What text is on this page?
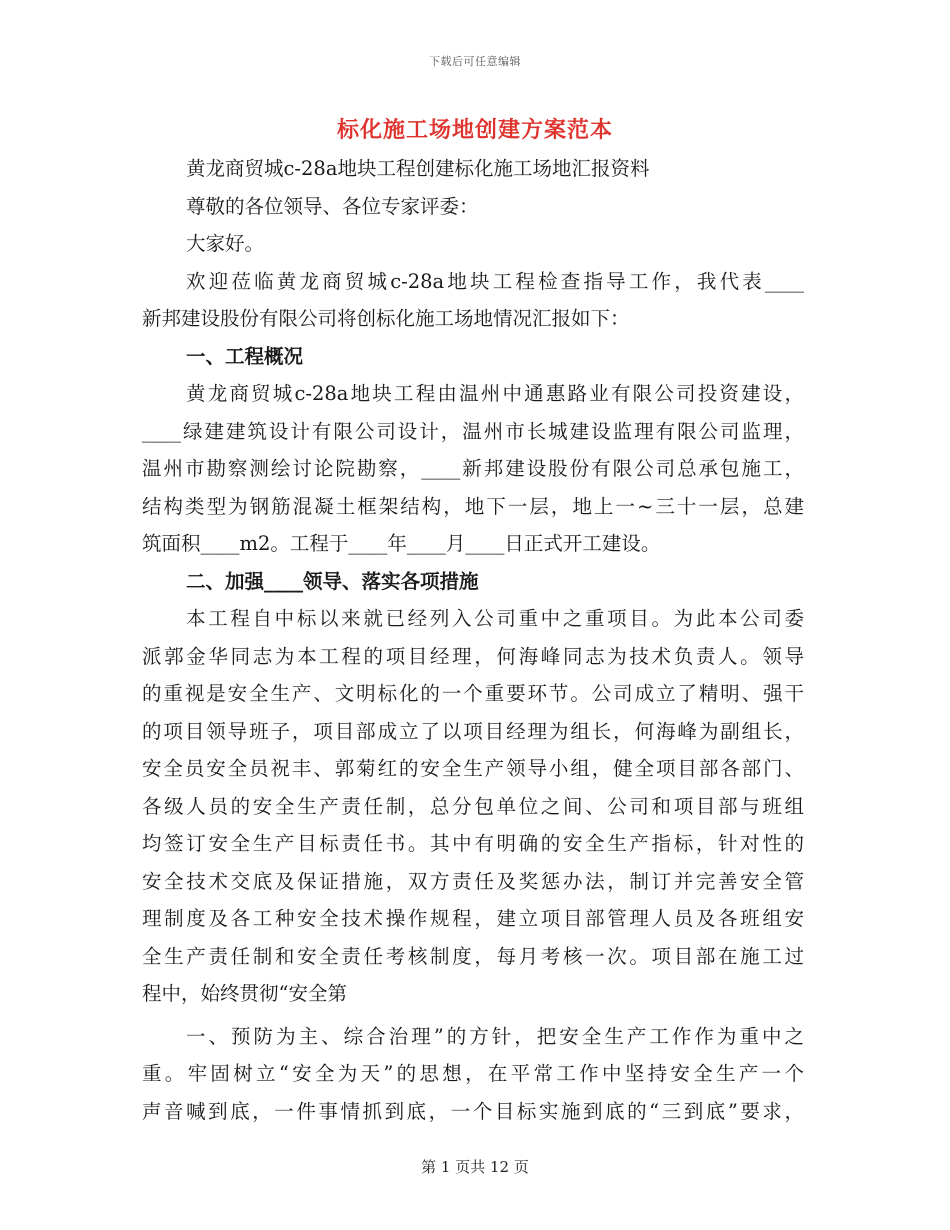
下载后可任意编辑
标化施工场地创建方案范本
黄龙商贸城c-28a地块工程创建标化施工场地汇报资料
尊敬的各位领导、各位专家评委：
大家好。
欢迎莅临黄龙商贸城c-28a地块工程检查指导工作，我代表____
新邦建设股份有限公司将创标化施工场地情况汇报如下：
一、工程概况
黄龙商贸城c-28a地块工程由温州中通惠路业有限公司投资建设，
____绿建建筑设计有限公司设计，温州市长城建设监理有限公司监理，
温州市勘察测绘讨论院勘察，____新邦建设股份有限公司总承包施工，
结构类型为钢筋混凝土框架结构，地下一层，地上一~三十一层，总建
筑面积____m2。工程于____年____月____日正式开工建设。
二、加强____领导、落实各项措施
本工程自中标以来就已经列入公司重中之重项目。为此本公司委
派郭金华同志为本工程的项目经理，何海峰同志为技术负责人。领导
的重视是安全生产、文明标化的一个重要环节。公司成立了精明、强干
的项目领导班子，项目部成立了以项目经理为组长，何海峰为副组长，
安全员安全员祝丰、郭菊红的安全生产领导小组，健全项目部各部门、
各级人员的安全生产责任制，总分包单位之间、公司和项目部与班组
均签订安全生产目标责任书。其中有明确的安全生产指标，针对性的
安全技术交底及保证措施，双方责任及奖惩办法，制订并完善安全管
理制度及各工种安全技术操作规程，建立项目部管理人员及各班组安
全生产责任制和安全责任考核制度，每月考核一次。项目部在施工过
程中，始终贯彻“安全第
一、预防为主、综合治理”的方针，把安全生产工作作为重中之
重。牢固树立“安全为天”的思想，在平常工作中坚持安全生产一个
声音喊到底，一件事情抓到底，一个目标实施到底的“三到底”要求，
第 1 页共 12 页
